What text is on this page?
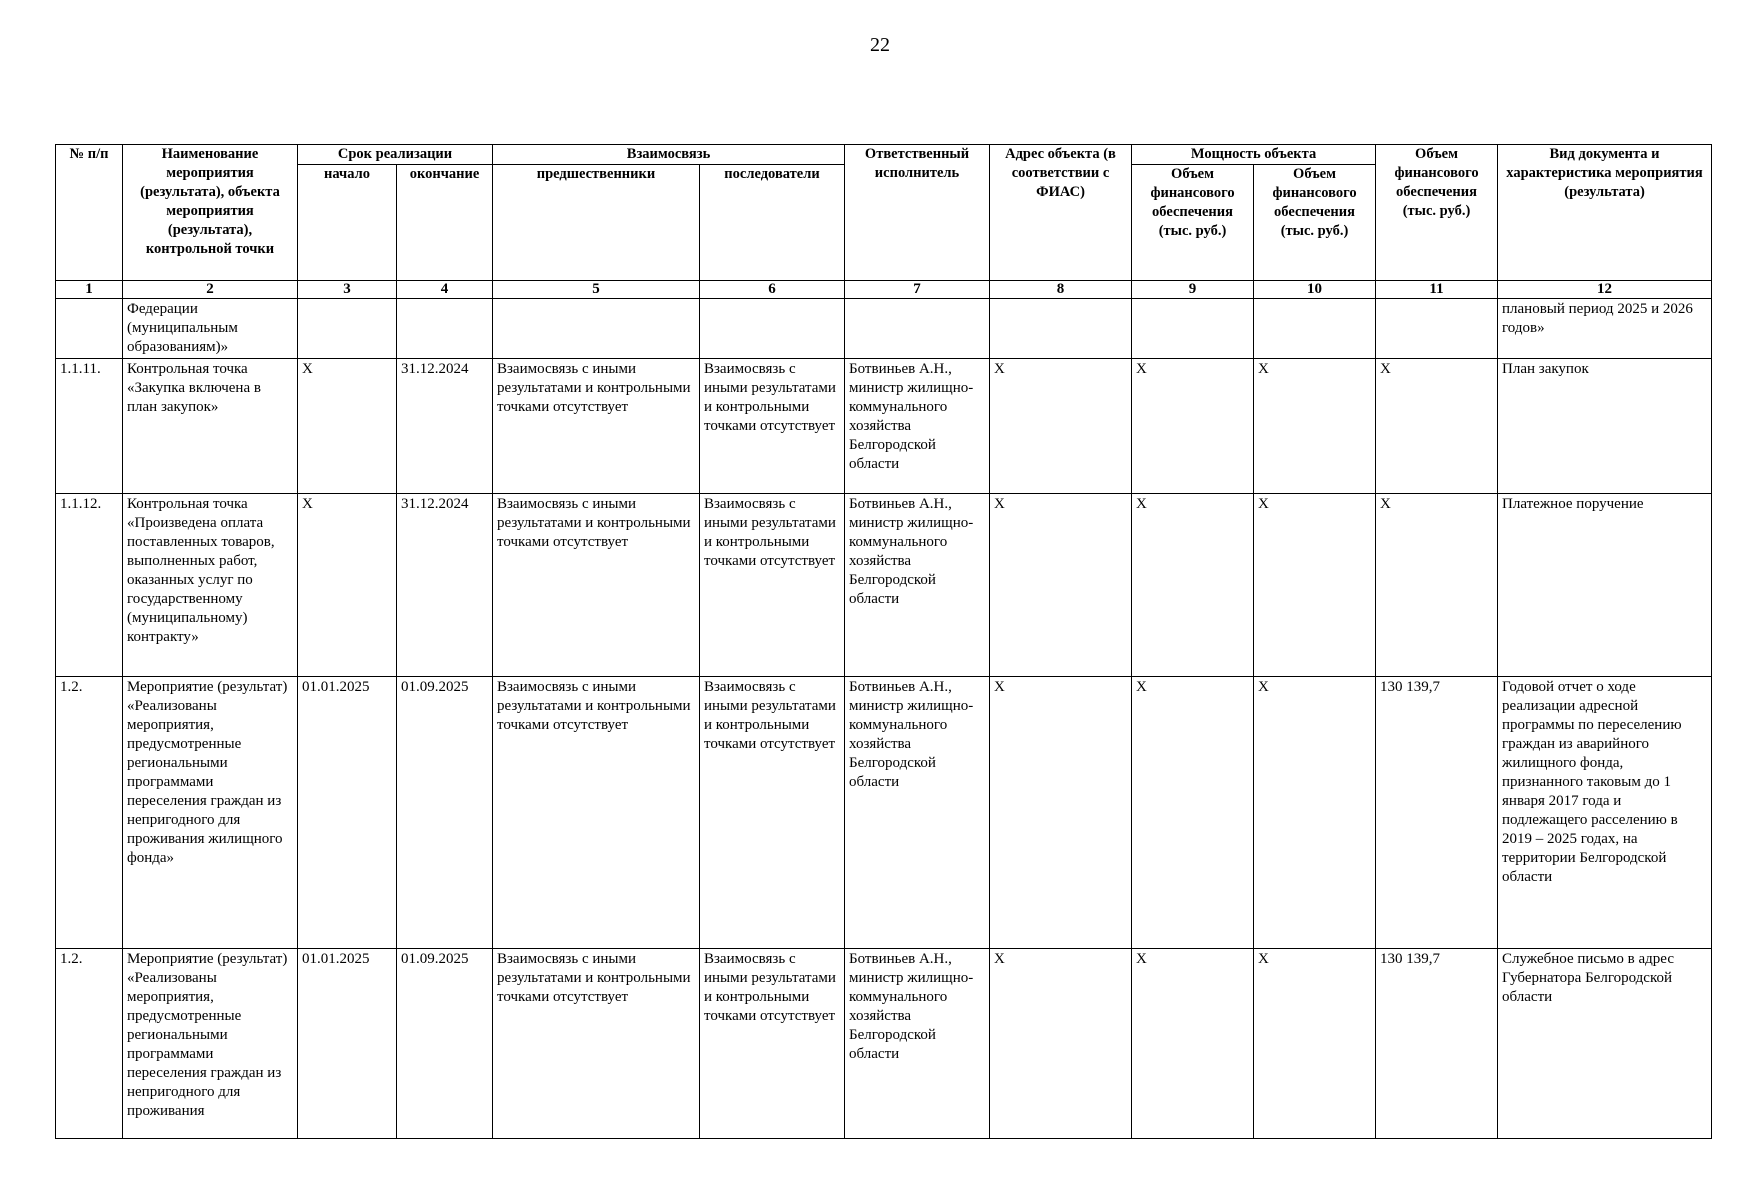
22
№ п/п	Наименование мероприятия (результата), объекта мероприятия (результата), контрольной точки	Срок реализации		Взаимосвязь		Ответственный исполнитель	Адрес объекта (в соответствии с ФИАС)	Мощность объекта		Объем финансового обеспечения (тыс. руб.)	Вид документа и характеристика мероприятия (результата)
		начало	окончание	предшественники	последователи			Объем финансового обеспечения (тыс. руб.)	Объем финансового обеспечения (тыс. руб.)		
1	2	3	4	5	6	7	8	9	10	11	12
	Федерации (муниципальным образованиям)»										плановый период 2025 и 2026 годов»
1.1.11.	Контрольная точка «Закупка включена в план закупок»	X	31.12.2024	Взаимосвязь с иными результатами и контрольными точками отсутствует	Взаимосвязь с иными результатами и контрольными точками отсутствует	Ботвиньев А.Н., министр жилищно-коммунального хозяйства Белгородской области	X	X	X	X	План закупок
1.1.12.	Контрольная точка «Произведена оплата поставленных товаров, выполненных работ, оказанных услуг по государственному (муниципальному) контракту»	X	31.12.2024	Взаимосвязь с иными результатами и контрольными точками отсутствует	Взаимосвязь с иными результатами и контрольными точками отсутствует	Ботвиньев А.Н., министр жилищно-коммунального хозяйства Белгородской области	X	X	X	X	Платежное поручение
1.2.	Мероприятие (результат) «Реализованы мероприятия, предусмотренные региональными программами переселения граждан из непригодного для проживания жилищного фонда»	01.01.2025	01.09.2025	Взаимосвязь с иными результатами и контрольными точками отсутствует	Взаимосвязь с иными результатами и контрольными точками отсутствует	Ботвиньев А.Н., министр жилищно-коммунального хозяйства Белгородской области	X	X	X	130 139,7	Годовой отчет о ходе реализации адресной программы по переселению граждан из аварийного жилищного фонда, признанного таковым до 1 января 2017 года и подлежащего расселению в 2019 – 2025 годах, на территории Белгородской области
1.2.	Мероприятие (результат) «Реализованы мероприятия, предусмотренные региональными программами переселения граждан из непригодного для проживания	01.01.2025	01.09.2025	Взаимосвязь с иными результатами и контрольными точками отсутствует	Взаимосвязь с иными результатами и контрольными точками отсутствует	Ботвиньев А.Н., министр жилищно-коммунального хозяйства Белгородской области	X	X	X	130 139,7	Служебное письмо в адрес Губернатора Белгородской области
